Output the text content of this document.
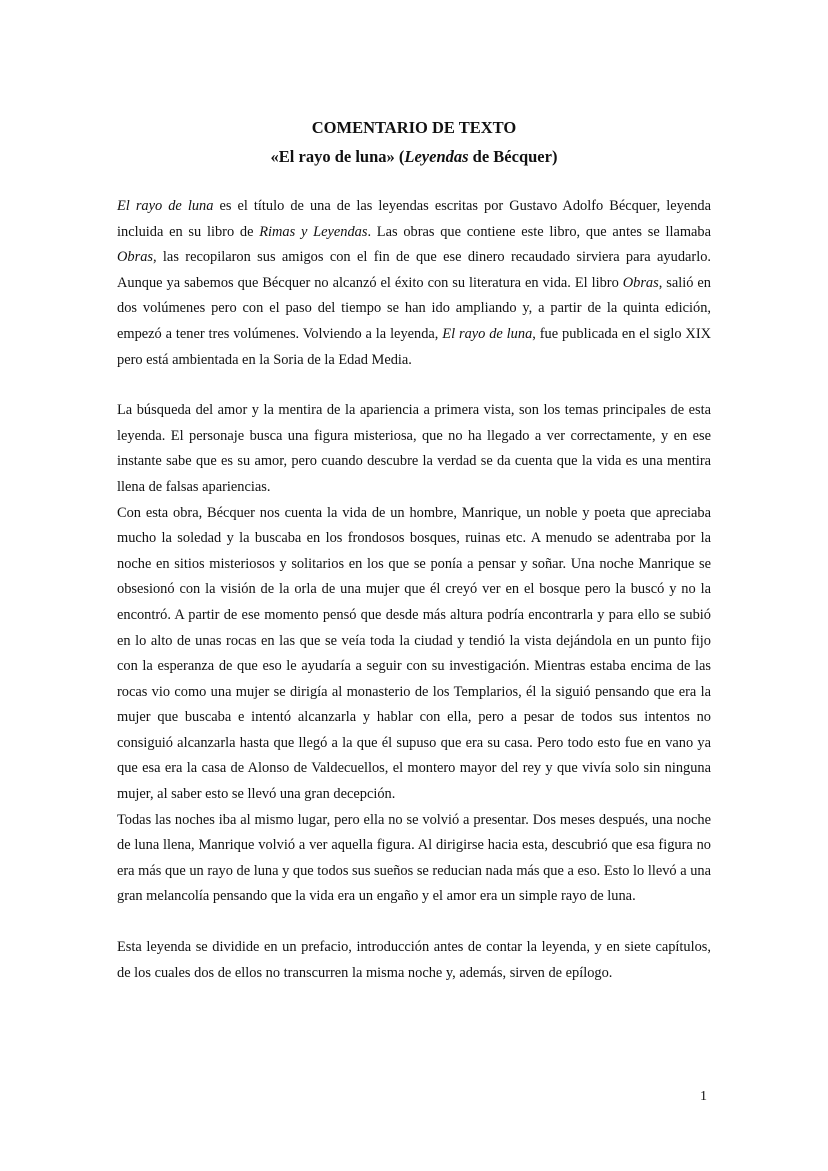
COMENTARIO DE TEXTO

«El rayo de luna» (Leyendas de Bécquer)

El rayo de luna es el título de una de las leyendas escritas por Gustavo Adolfo Bécquer, leyenda incluida en su libro de Rimas y Leyendas. Las obras que contiene este libro, que antes se llamaba Obras, las recopilaron sus amigos con el fin de que ese dinero recaudado sirviera para ayudarlo. Aunque ya sabemos que Bécquer no alcanzó el éxito con su literatura en vida. El libro Obras, salió en dos volúmenes pero con el paso del tiempo se han ido ampliando y, a partir de la quinta edición, empezó a tener tres volúmenes. Volviendo a la leyenda, El rayo de luna, fue publicada en el siglo XIX pero está ambientada en la Soria de la Edad Media.

La búsqueda del amor y la mentira de la apariencia a primera vista, son los temas principales de esta leyenda. El personaje busca una figura misteriosa, que no ha llegado a ver correctamente, y en ese instante sabe que es su amor, pero cuando descubre la verdad se da cuenta que la vida es una mentira llena de falsas apariencias.

Con esta obra, Bécquer nos cuenta la vida de un hombre, Manrique, un noble y poeta que apreciaba mucho la soledad y la buscaba en los frondosos bosques, ruinas etc. A menudo se adentraba por la noche en sitios misteriosos y solitarios en los que se ponía a pensar y soñar. Una noche Manrique se obsesionó con la visión de la orla de una mujer que él creyó ver en el bosque pero la buscó y no la encontró. A partir de ese momento pensó que desde más altura podría encontrarla y para ello se subió en lo alto de unas rocas en las que se veía toda la ciudad y tendió la vista dejándola en un punto fijo con la esperanza de que eso le ayudaría a seguir con su investigación. Mientras estaba encima de las rocas vio como una mujer se dirigía al monasterio de los Templarios, él la siguió pensando que era la mujer que buscaba e intentó alcanzarla y hablar con ella, pero a pesar de todos sus intentos no consiguió alcanzarla hasta que llegó a la que él supuso que era su casa. Pero todo esto fue en vano ya que esa era la casa de Alonso de Valdecuellos, el montero mayor del rey y que vivía solo sin ninguna mujer, al saber esto se llevó una gran decepción.

Todas las noches iba al mismo lugar, pero ella no se volvió a presentar. Dos meses después, una noche de luna llena, Manrique volvió a ver aquella figura. Al dirigirse hacia esta, descubrió que esa figura no era más que un rayo de luna y que todos sus sueños se reducian nada más que a eso. Esto lo llevó a una gran melancolía pensando que la vida era un engaño y el amor era un simple rayo de luna.

Esta leyenda se dividide en un prefacio, introducción antes de contar la leyenda, y en siete capítulos, de los cuales dos de ellos no transcurren la misma noche y, además, sirven de epílogo.

1
